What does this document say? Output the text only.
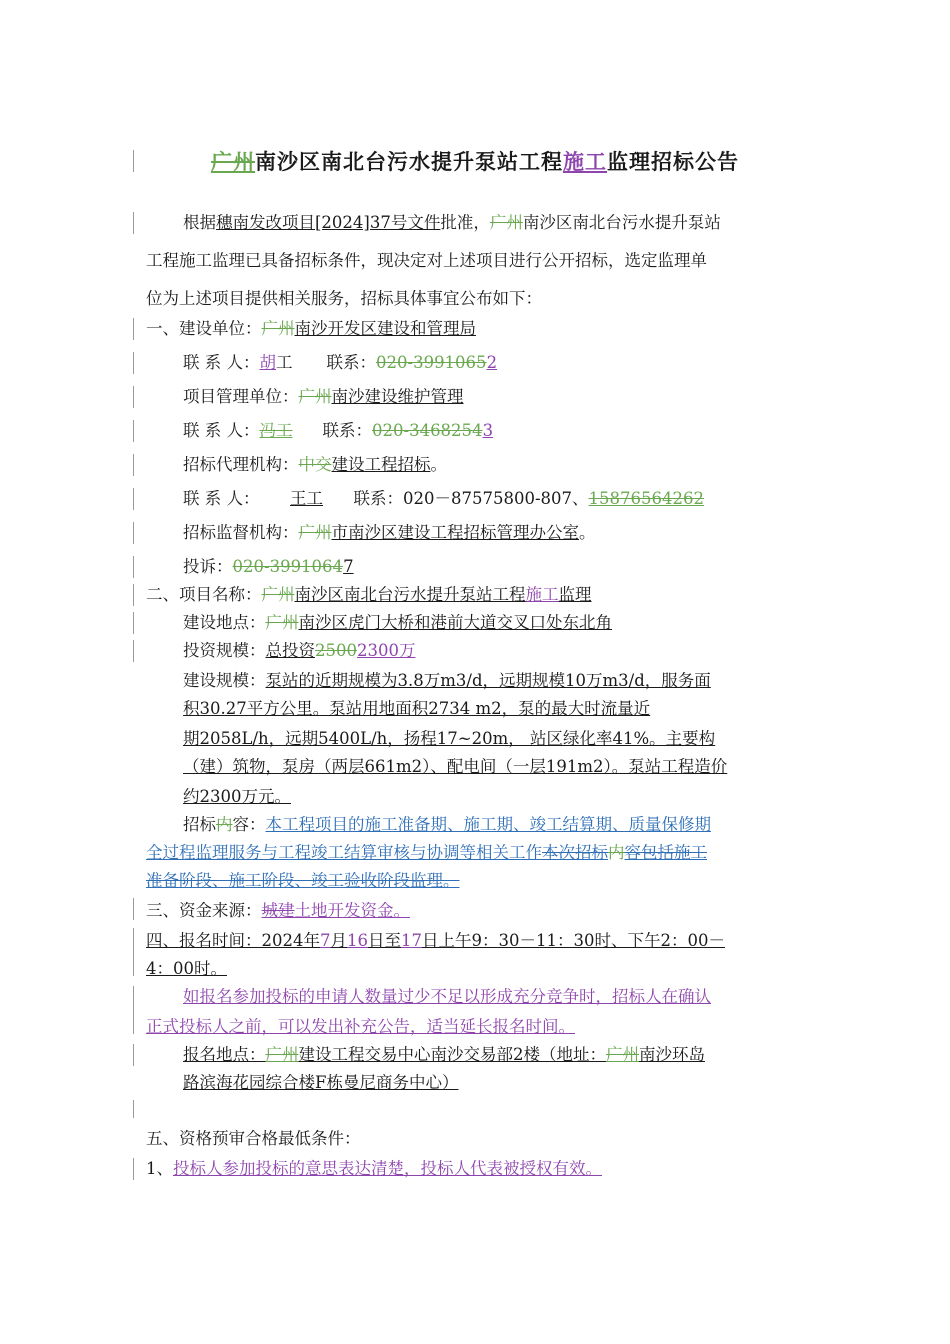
广州南沙区南北台污水提升泵站工程施工监理招标公告
根据穗南发改项目[2024]37号文件批准，广州南沙区南北台污水提升泵站
工程施工监理已具备招标条件，现决定对上述项目进行公开招标，选定监理单
位为上述项目提供相关服务，招标具体事宜公布如下：
一、建设单位：广州南沙开发区建设和管理局
联 系 人：胡工 联系：020-39910652
项目管理单位：广州南沙建设维护管理
联 系 人：冯工 联系：020-34682543
招标代理机构：中交建设工程招标。
联 系 人： 王工 联系：020－87575800-807、15876564262
招标监督机构：广州市南沙区建设工程招标管理办公室。
投诉：020-39910647
二、项目名称：广州南沙区南北台污水提升泵站工程施工监理
建设地点：广州南沙区虎门大桥和港前大道交叉口处东北角
投资规模：总投资25002300万
建设规模：泵站的近期规模为3.8万m3/d，远期规模10万m3/d，服务面
积30.27平方公里。泵站用地面积2734 m2，泵的最大时流量近
期2058L/h，远期5400L/h，扬程17~20m， 站区绿化率41%。主要构
（建）筑物，泵房（两层661m2）、配电间（一层191m2）。泵站工程造价
约2300万元。
招标内容：本工程项目的施工准备期、施工期、竣工结算期、质量保修期
全过程监理服务与工程竣工结算审核与协调等相关工作本次招标内容包括施工
准备阶段、施工阶段、竣工验收阶段监理。
三、资金来源：城建土地开发资金。
四、报名时间：2024年7月16日至17日上午9：30－11：30时、下午2：00－
4：00时。
如报名参加投标的申请人数量过少不足以形成充分竞争时，招标人在确认
正式投标人之前，可以发出补充公告，适当延长报名时间。
报名地点：广州建设工程交易中心南沙交易部2楼（地址：广州南沙环岛
路滨海花园综合楼F栋曼尼商务中心）
五、资格预审合格最低条件：
1、投标人参加投标的意思表达清楚，投标人代表被授权有效。
